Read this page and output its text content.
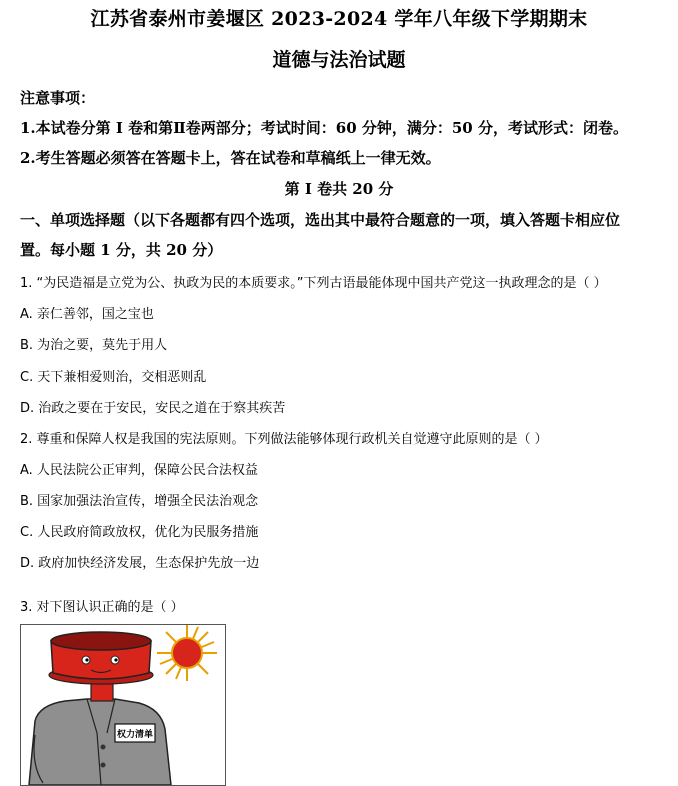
江苏省泰州市姜堰区 2023-2024 学年八年级下学期期末
道德与法治试题
注意事项：
1.本试卷分第 I 卷和第Ⅱ卷两部分；考试时间：60 分钟，满分：50 分，考试形式：闭卷。
2.考生答题必须答在答题卡上，答在试卷和草稿纸上一律无效。
第 I 卷共 20 分
一、单项选择题（以下各题都有四个选项，选出其中最符合题意的一项，填入答题卡相应位
置。每小题 1 分，共 20 分）
1. “为民造福是立党为公、执政为民的本质要求。”下列古语最能体现中国共产党这一执政理念的是（ ）
A. 亲仁善邻，国之宝也
B. 为治之要，莫先于用人
C. 天下兼相爱则治，交相恶则乱
D. 治政之要在于安民，安民之道在于察其疾苦
2. 尊重和保障人权是我国的宪法原则。下列做法能够体现行政机关自觉遵守此原则的是（ ）
A. 人民法院公正审判，保障公民合法权益
B. 国家加强法治宣传，增强全民法治观念
C. 人民政府简政放权，优化为民服务措施
D. 政府加快经济发展，生态保护先放一边
3. 对下图认识正确的是（ ）
权力清单
